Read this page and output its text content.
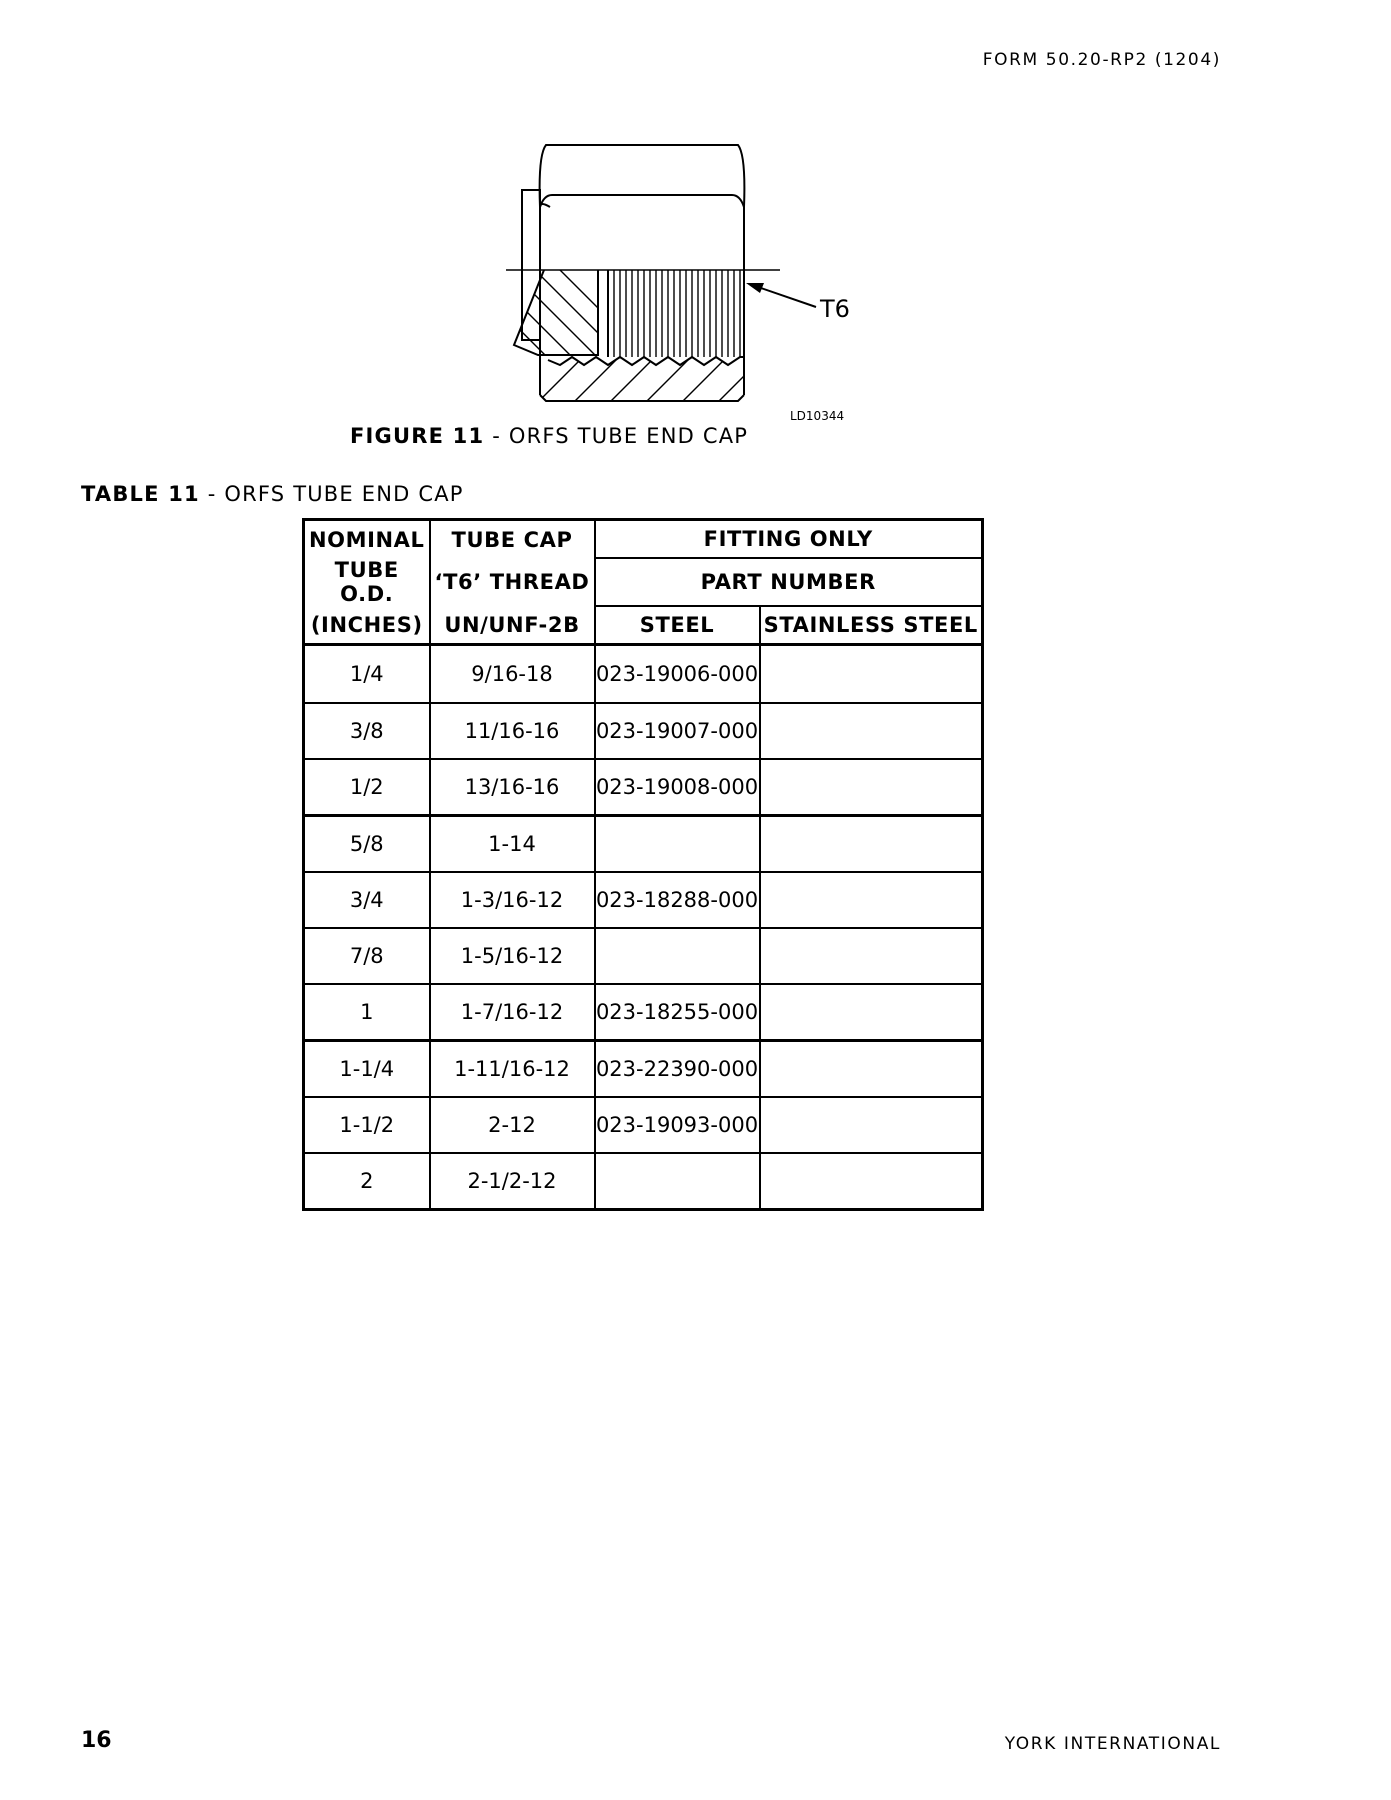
FORM 50.20-RP2 (1204)
T6
LD10344
FIGURE 11 - ORFS TUBE END CAP
TABLE 11 - ORFS TUBE END CAP
NOMINAL	TUBE CAP	FITTING ONLY	
TUBE O.D.	‘T6’ THREAD	PART NUMBER	
(INCHES)	UN/UNF-2B	STEEL	STAINLESS STEEL
1/4	9/16-18	023-19006-000	
3/8	11/16-16	023-19007-000	
1/2	13/16-16	023-19008-000	
5/8	1-14		
3/4	1-3/16-12	023-18288-000	
7/8	1-5/16-12		
1	1-7/16-12	023-18255-000	
1-1/4	1-11/16-12	023-22390-000	
1-1/2	2-12	023-19093-000	
2	2-1/2-12		
16	YORK INTERNATIONAL
